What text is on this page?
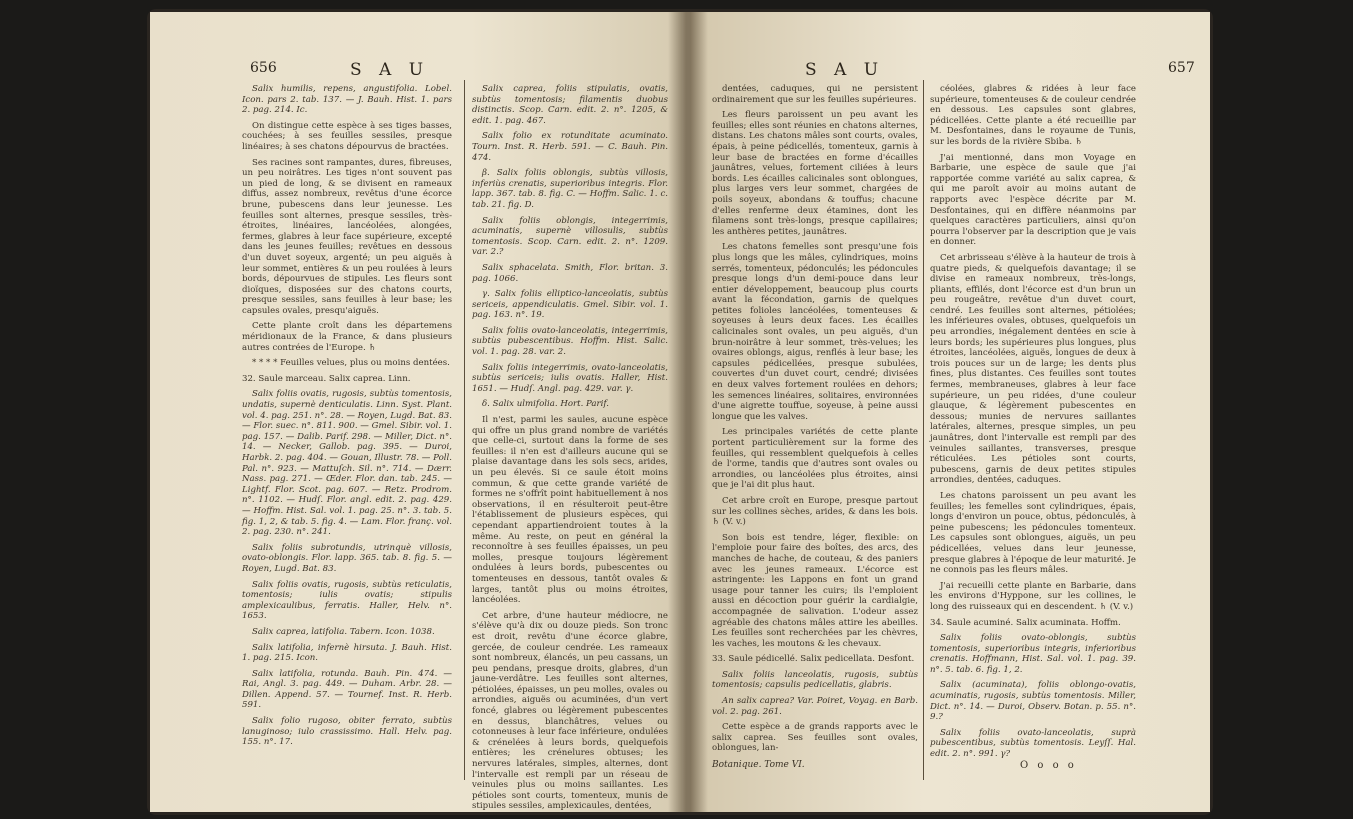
656	S A U

Salix humilis, repens, angustifolia. Lobel. Icon. pars 2. tab. 137. — J. Bauh. Hist. 1. pars 2. pag. 214. Ic.

On distingue cette espèce à ses tiges basses, couchées; à ses feuilles sessiles, presque linéaires; à ses chatons dépourvus de bractées.

Ses racines sont rampantes, dures, fibreuses, un peu noirâtres. Les tiges n'ont souvent pas un pied de long, & se divisent en rameaux diffus, assez nombreux, revêtus d'une écorce brune, pubescens dans leur jeunesse. Les feuilles sont alternes, presque sessiles, très-étroites, linéaires, lancéolées, alongées, fermes, glabres à leur face supérieure, excepté dans les jeunes feuilles; revêtues en dessous d'un duvet soyeux, argenté; un peu aiguës à leur sommet, entières & un peu roulées à leurs bords, dépourvues de stipules. Les fleurs sont dioïques, disposées sur des chatons courts, presque sessiles, sans feuilles à leur base; les capsules ovales, presqu'aiguës.

Cette plante croît dans les départemens méridionaux de la France, & dans plusieurs autres contrées de l'Europe. ♄

* * * * Feuilles velues, plus ou moins dentées.

32. Saule marceau. Salix caprea. Linn.

Salix foliis ovatis, rugosis, subtùs tomentosis, undatis, supernè denticulatis. Linn. Syst. Plant. vol. 4. pag. 251. n°. 28. — Royen, Lugd. Bat. 83. — Flor. suec. n°. 811. 900. — Gmel. Sibir. vol. 1. pag. 157. — Dalib. Parif. 298. — Miller, Dict. n°. 14. — Necker, Gallob. pag. 395. — Duroi, Harbk. 2. pag. 404. — Gouan, Illustr. 78. — Poll. Pal. n°. 923. — Mattuſch. Sil. n°. 714. — Dærr. Nass. pag. 271. — Œder. Flor. dan. tab. 245. — Lightf. Flor. Scot. pag. 607. — Retz. Prodrom. n°. 1102. — Hudſ. Flor. angl. edit. 2. pag. 429. — Hoffm. Hist. Sal. vol. 1. pag. 25. n°. 3. tab. 5. fig. 1, 2, & tab. 5. fig. 4. — Lam. Flor. franç. vol. 2. pag. 230. n°. 241.

Salix foliis subrotundis, utrinquè villosis, ovato-oblongis. Flor. lapp. 365. tab. 8. fig. 5. — Royen, Lugd. Bat. 83.

Salix foliis ovatis, rugosis, subtùs reticulatis, tomentosis; iulis ovatis; stipulis amplexicaulibus, ferratis. Haller, Helv. n°. 1653.

Salix caprea, latifolia. Tabern. Icon. 1038.

Salix latifolia, infernè hirsuta. J. Bauh. Hist. 1. pag. 215. Icon.

Salix latifolia, rotunda. Bauh. Pin. 474. — Rai, Angl. 3. pag. 449. — Duham. Arbr. 28. — Dillen. Append. 57. — Tournef. Inst. R. Herb. 591.

Salix folio rugoso, obiter ferrato, subtùs lanuginoso; iulo crassissimo. Hall. Helv. pag. 155. n°. 17.

Salix caprea, foliis stipulatis, ovatis, subtùs tomentosis; filamentis duobus distinctis. Scop. Carn. edit. 2. n°. 1205, & edit. 1. pag. 467.

Salix folio ex rotunditate acuminato. Tourn. Inst. R. Herb. 591. — C. Bauh. Pin. 474.

β. Salix foliis oblongis, subtùs villosis, inferiùs crenatis, superioribus integris. Flor. lapp. 367. tab. 8. fig. C. — Hoffm. Salic. 1. c. tab. 21. fig. D.

Salix foliis oblongis, integerrimis, acuminatis, supernè villosulis, subtùs tomentosis. Scop. Carn. edit. 2. n°. 1209. var. 2.?

Salix sphacelata. Smith, Flor. britan. 3. pag. 1066.

γ. Salix foliis elliptico-lanceolatis, subtùs sericeis, appendiculatis. Gmel. Sibir. vol. 1. pag. 163. n°. 19.

Salix foliis ovato-lanceolatis, integerrimis, subtùs pubescentibus. Hoffm. Hist. Salic. vol. 1. pag. 28. var. 2.

Salix foliis integerrimis, ovato-lanceolatis, subtùs sericeis; iulis ovatis. Haller, Hist. 1651. — Hudſ. Angl. pag. 429. var. γ.

δ. Salix ulmifolia. Hort. Parif.

Il n'est, parmi les saules, aucune espèce qui offre un plus grand nombre de variétés que celle-ci, surtout dans la forme de ses feuilles: il n'en est d'ailleurs aucune qui se plaise davantage dans les sols secs, arides, un peu élevés. Si ce saule étoit moins commun, & que cette grande variété de formes ne s'offrît point habituellement à nos observations, il en résulteroit peut-être l'établissement de plusieurs espèces, qui cependant appartiendroient toutes à la même. Au reste, on peut en général la reconnoître à ses feuilles épaisses, un peu molles, presque toujours légèrement ondulées à leurs bords, pubescentes ou tomenteuses en dessous, tantôt ovales & larges, tantôt plus ou moins étroites, lancéolées.

Cet arbre, d'une hauteur médiocre, ne s'élève qu'à dix ou douze pieds. Son tronc est droit, revêtu d'une écorce glabre, gercée, de couleur cendrée. Les rameaux sont nombreux, élancés, un peu cassans, un peu pendans, presque droits, glabres, d'un jaune-verdâtre. Les feuilles sont alternes, pétiolées, épaisses, un peu molles, ovales ou arrondies, aiguës ou acuminées, d'un vert foncé, glabres ou légèrement pubescentes en dessus, blanchâtres, velues ou cotonneuses à leur face inférieure, ondulées & crénelées à leurs bords, quelquefois entières; les crénelures obtuses; les nervures latérales, simples, alternes, dont l'intervalle est rempli par un réseau de veinules plus ou moins saillantes. Les pétioles sont courts, tomenteux, munis de stipules sessiles, amplexicaules, dentées,

S A U	657

dentées, caduques, qui ne persistent ordinairement que sur les feuilles supérieures.

Les fleurs paroissent un peu avant les feuilles; elles sont réunies en chatons alternes, distans. Les chatons mâles sont courts, ovales, épais, à peine pédicellés, tomenteux, garnis à leur base de bractées en forme d'écailles jaunâtres, velues, fortement ciliées à leurs bords. Les écailles calicinales sont oblongues, plus larges vers leur sommet, chargées de poils soyeux, abondans & touffus; chacune d'elles renferme deux étamines, dont les filamens sont très-longs, presque capillaires; les anthères petites, jaunâtres.

Les chatons femelles sont presqu'une fois plus longs que les mâles, cylindriques, moins serrés, tomenteux, pédonculés; les pédoncules presque longs d'un demi-pouce dans leur entier développement, beaucoup plus courts avant la fécondation, garnis de quelques petites folioles lancéolées, tomenteuses & soyeuses à leurs deux faces. Les écailles calicinales sont ovales, un peu aiguës, d'un brun-noirâtre à leur sommet, très-velues; les ovaires oblongs, aigus, renflés à leur base; les capsules pédicellées, presque subulées, couvertes d'un duvet court, cendré; divisées en deux valves fortement roulées en dehors; les semences linéaires, solitaires, environnées d'une aigrette touffue, soyeuse, à peine aussi longue que les valves.

Les principales variétés de cette plante portent particulièrement sur la forme des feuilles, qui ressemblent quelquefois à celles de l'orme, tandis que d'autres sont ovales ou arrondies, ou lancéolées plus étroites, ainsi que je l'ai dit plus haut.

Cet arbre croît en Europe, presque partout sur les collines sèches, arides, & dans les bois. ♄ (V. v.)

Son bois est tendre, léger, flexible: on l'emploie pour faire des boîtes, des arcs, des manches de hache, de couteau, & des paniers avec les jeunes rameaux. L'écorce est astringente: les Lappons en font un grand usage pour tanner les cuirs; ils l'emploient aussi en décoction pour guérir la cardialgie, accompagnée de salivation. L'odeur assez agréable des chatons mâles attire les abeilles. Les feuilles sont recherchées par les chèvres, les vaches, les moutons & les chevaux.

33. Saule pédicellé. Salix pedicellata. Desfont.

Salix foliis lanceolatis, rugosis, subtùs tomentosis; capsulis pedicellatis, glabris.

An salix caprea? Var. Poiret, Voyag. en Barb. vol. 2. pag. 261.

Cette espèce a de grands rapports avec le salix caprea. Ses feuilles sont ovales, oblongues, lan-

céolées, glabres & ridées à leur face supérieure, tomenteuses & de couleur cendrée en dessous. Les capsules sont glabres, pédicellées. Cette plante a été recueillie par M. Desfontaines, dans le royaume de Tunis, sur les bords de la rivière Sbiba. ♄

J'ai mentionné, dans mon Voyage en Barbarie, une espèce de saule que j'ai rapportée comme variété au salix caprea, & qui me paroît avoir au moins autant de rapports avec l'espèce décrite par M. Desfontaines, qui en diffère néanmoins par quelques caractères particuliers, ainsi qu'on pourra l'observer par la description que je vais en donner.

Cet arbrisseau s'élève à la hauteur de trois à quatre pieds, & quelquefois davantage; il se divise en rameaux nombreux, très-longs, pliants, effilés, dont l'écorce est d'un brun un peu rougeâtre, revêtue d'un duvet court, cendré. Les feuilles sont alternes, pétiolées; les inférieures ovales, obtuses, quelquefois un peu arrondies, inégalement dentées en scie à leurs bords; les supérieures plus longues, plus étroites, lancéolées, aiguës, longues de deux à trois pouces sur un de large; les dents plus fines, plus distantes. Ces feuilles sont toutes fermes, membraneuses, glabres à leur face supérieure, un peu ridées, d'une couleur glauque, & légèrement pubescentes en dessous; munies de nervures saillantes latérales, alternes, presque simples, un peu jaunâtres, dont l'intervalle est rempli par des veinules saillantes, transverses, presque réticulées. Les pétioles sont courts, pubescens, garnis de deux petites stipules arrondies, dentées, caduques.

Les chatons paroissent un peu avant les feuilles; les femelles sont cylindriques, épais, longs d'environ un pouce, obtus, pédonculés, à peine pubescens; les pédoncules tomenteux. Les capsules sont oblongues, aiguës, un peu pédicellées, velues dans leur jeunesse, presque glabres à l'époque de leur maturité. Je ne connois pas les fleurs mâles.

J'ai recueilli cette plante en Barbarie, dans les environs d'Hyppone, sur les collines, le long des ruisseaux qui en descendent. ♄ (V. v.)

34. Saule acuminé. Salix acuminata. Hoffm.

Salix foliis ovato-oblongis, subtùs tomentosis, superioribus integris, inferioribus crenatis. Hoffmann, Hist. Sal. vol. 1. pag. 39. n°. 5. tab. 6. fig. 1, 2.

Salix (acuminata), foliis oblongo-ovatis, acuminatis, rugosis, subtùs tomentosis. Miller, Dict. n°. 14. — Duroi, Observ. Botan. p. 55. n°. 9.?

Salix foliis ovato-lanceolatis, suprà pubescentibus, subtùs tomentosis. Leyſſ. Hal. edit. 2. n°. 991. γ?

Botanique. Tome VI.	O o o o
